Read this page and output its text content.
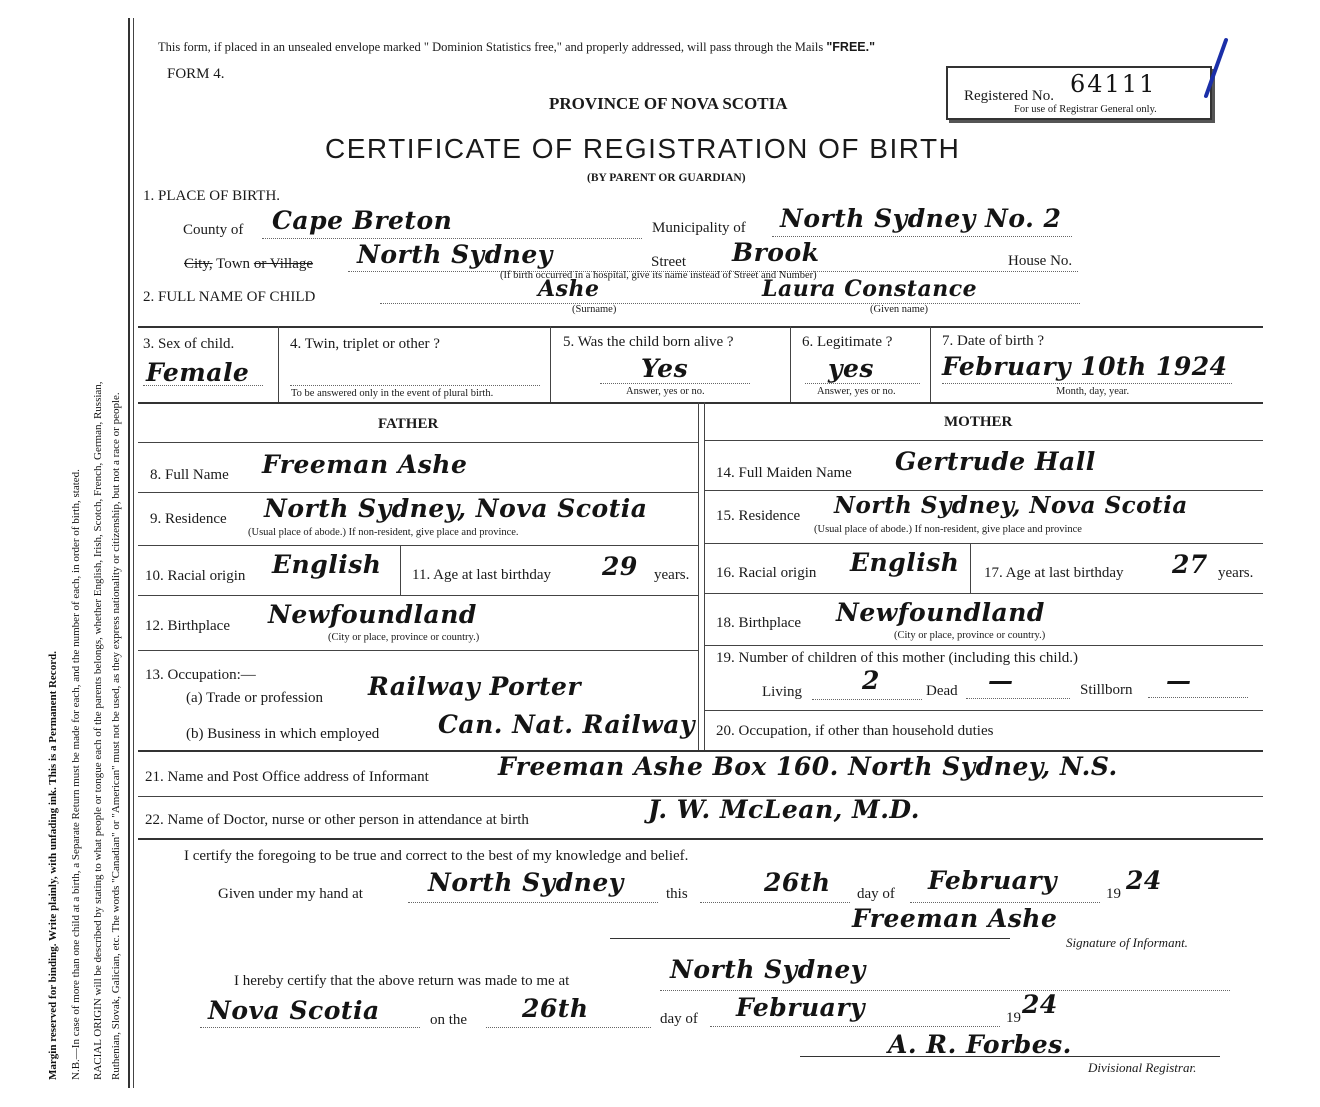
Margin reserved for binding. Write plainly, with unfading ink. This is a Permanent Record. N.B.—In case of more than one child at a birth, a Separate Return must be made for each, and the number of each, in order of birth, stated. RACIAL ORIGIN will be described by stating to what people or tongue each of the parents belongs, whether English, Irish, Scotch, French, German, Russian, Ruthenian, Slovak, Galician, etc. The words "Canadian" or "American" must not be used, as they express nationality or citizenship, but not a race or people.
This form, if placed in an unsealed envelope marked " Dominion Statistics free," and properly addressed, will pass through the Mails "FREE."
FORM 4.
Registered No. 64111
For use of Registrar General only.
PROVINCE OF NOVA SCOTIA
CERTIFICATE OF REGISTRATION OF BIRTH
(BY PARENT OR GUARDIAN)
1. PLACE OF BIRTH.
County of Cape Breton	Municipality of North Sydney No. 2
City, Town or Village North Sydney	Street Brook	House No.
(If birth occurred in a hospital, give its name instead of Street and Number)
2. FULL NAME OF CHILD	Ashe	Laura Constance
(Surname)	(Given name)
3. Sex of child.
Female
4. Twin, triplet or other ?
To be answered only in the event of plural birth.
5. Was the child born alive ?
Yes
Answer, yes or no.
6. Legitimate ?
yes
Answer, yes or no.
7. Date of birth ?
February 10th 1924
Month, day, year.
FATHER	MOTHER
8. Full Name Freeman Ashe
9. Residence North Sydney, Nova Scotia
(Usual place of abode.) If non-resident, give place and province.
10. Racial origin English 11. Age at last birthday 29 years.
12. Birthplace Newfoundland
(City or place, province or country.)
13. Occupation:—
(a) Trade or profession Railway Porter
(b) Business in which employed Can. Nat. Railway
14. Full Maiden Name Gertrude Hall
15. Residence North Sydney, Nova Scotia
(Usual place of abode.) If non-resident, give place and province
16. Racial origin English 17. Age at last birthday 27 years.
18. Birthplace Newfoundland
(City or place, province or country.)
19. Number of children of this mother (including this child.)
Living 2	Dead —	Stillborn —
20. Occupation, if other than household duties
21. Name and Post Office address of Informant	Freeman Ashe Box 160. North Sydney, N.S.
22. Name of Doctor, nurse or other person in attendance at birth	J. W. McLean, M.D.
I certify the foregoing to be true and correct to the best of my knowledge and belief.
Given under my hand at	North Sydney	this	26th day of February	19 24
Freeman Ashe
Signature of Informant.
I hereby certify that the above return was made to me at	North Sydney
Nova Scotia	on the 26th	day of February	19 24
A. R. Forbes.
Divisional Registrar.
